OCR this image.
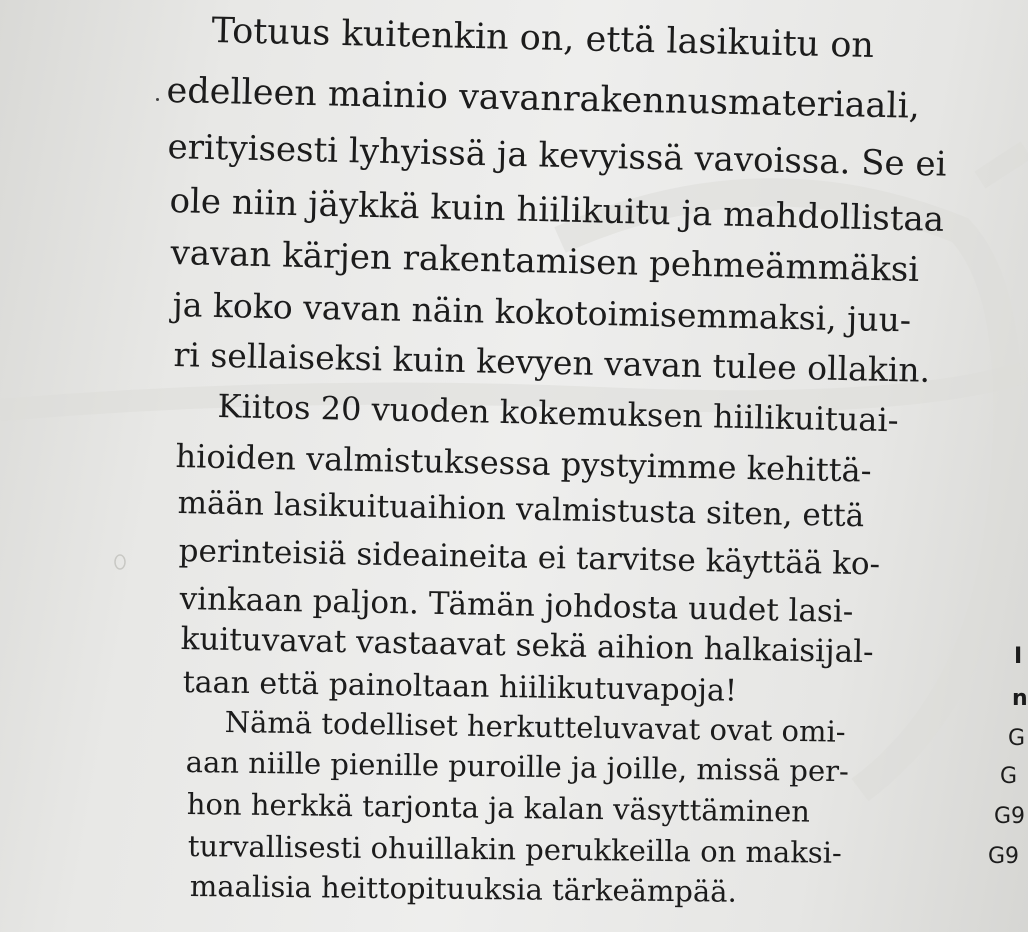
Totuus kuitenkin on, että lasikuitu on
edelleen mainio vavanrakennusmateriaali,
erityisesti lyhyissä ja kevyissä vavoissa. Se ei
ole niin jäykkä kuin hiilikuitu ja mahdollistaa
vavan kärjen rakentamisen pehmeämmäksi
ja koko vavan näin kokotoimisemmaksi, juu-
ri sellaiseksi kuin kevyen vavan tulee ollakin.
Kiitos 20 vuoden kokemuksen hiilikuituai-
hioiden valmistuksessa pystyimme kehittä-
mään lasikuituaihion valmistusta siten, että
perinteisiä sideaineita ei tarvitse käyttää ko-
vinkaan paljon. Tämän johdosta uudet lasi-
kuituvavat vastaavat sekä aihion halkaisijal-
taan että painoltaan hiilikutuvapoja!
Nämä todelliset herkutteluvavat ovat omi-
aan niille pienille puroille ja joille, missä per-
hon herkkä tarjonta ja kalan väsyttäminen
turvallisesti ohuillakin perukkeilla on maksi-
maalisia heittopituuksia tärkeämpää.
I
n
G
G
G9
G9
